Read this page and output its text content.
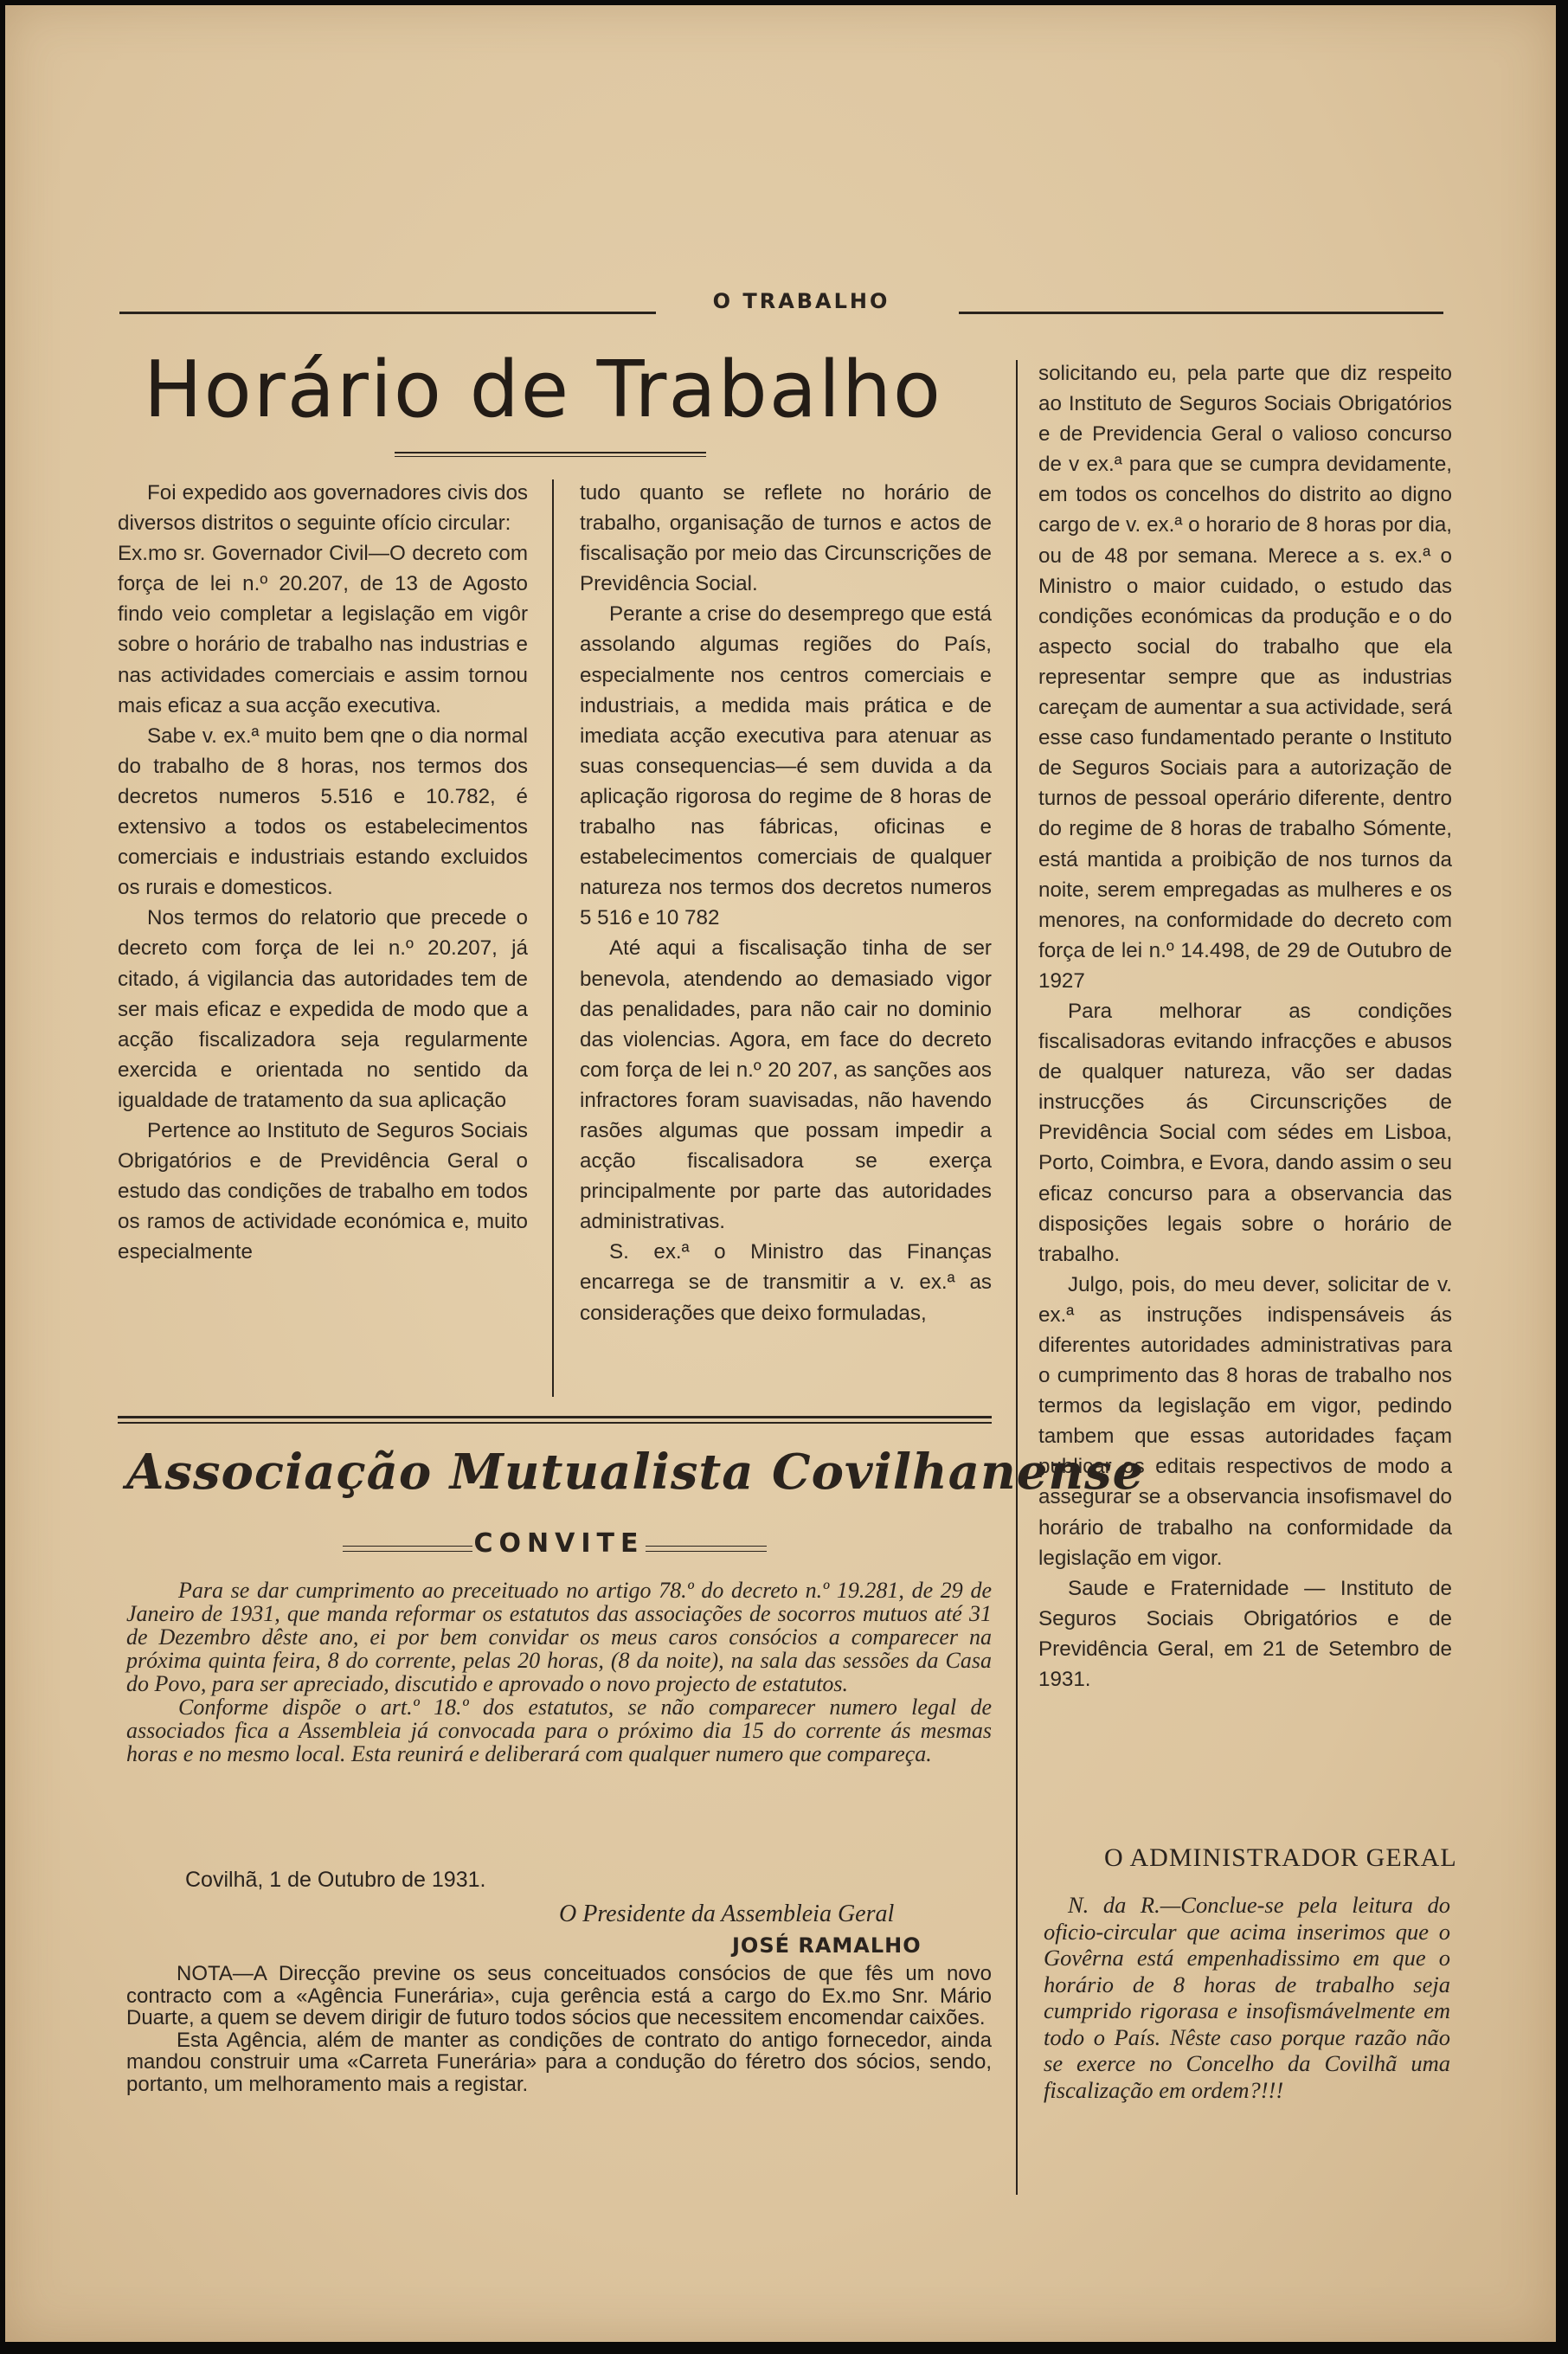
O TRABALHO
Horário de Trabalho

Foi expedido aos governadores civis dos diversos distritos o seguinte ofício circular:

Ex.mo sr. Governador Civil—O decreto com força de lei n.º 20.207, de 13 de Agosto findo veio completar a legislação em vigôr sobre o horário de trabalho nas industrias e nas actividades comerciais e assim tornou mais eficaz a sua acção executiva.

Sabe v. ex.ª muito bem qne o dia normal do trabalho de 8 horas, nos termos dos decretos numeros 5.516 e 10.782, é extensivo a todos os estabelecimentos comerciais e industriais estando excluidos os rurais e domesticos.

Nos termos do relatorio que precede o decreto com força de lei n.º 20.207, já citado, á vigilancia das autoridades tem de ser mais eficaz e expedida de modo que a acção fiscalizadora seja regularmente exercida e orientada no sentido da igualdade de tratamento da sua aplicação

Pertence ao Instituto de Seguros Sociais Obrigatórios e de Previdência Geral o estudo das condições de trabalho em todos os ramos de actividade económica e, muito especialmente

tudo quanto se reflete no horário de trabalho, organisação de turnos e actos de fiscalisação por meio das Circunscrições de Previdência Social.

Perante a crise do desemprego que está assolando algumas regiões do País, especialmente nos centros comerciais e industriais, a medida mais prática e de imediata acção executiva para atenuar as suas consequencias—é sem duvida a da aplicação rigorosa do regime de 8 horas de trabalho nas fábricas, oficinas e estabelecimentos comerciais de qualquer natureza nos termos dos decretos numeros 5 516 e 10 782

Até aqui a fiscalisação tinha de ser benevola, atendendo ao demasiado vigor das penalidades, para não cair no dominio das violencias. Agora, em face do decreto com força de lei n.º 20 207, as sanções aos infractores foram suavisadas, não havendo rasões algumas que possam impedir a acção fiscalisadora se exerça principalmente por parte das autoridades administrativas.

S. ex.ª o Ministro das Finanças encarrega se de transmitir a v. ex.ª as considerações que deixo formuladas,

solicitando eu, pela parte que diz respeito ao Instituto de Seguros Sociais Obrigatórios e de Previdencia Geral o valioso concurso de v ex.ª para que se cumpra devidamente, em todos os concelhos do distrito ao digno cargo de v. ex.ª o horario de 8 horas por dia, ou de 48 por semana. Merece a s. ex.ª o Ministro o maior cuidado, o estudo das condições económicas da produção e o do aspecto social do trabalho que ela representar sempre que as industrias careçam de aumentar a sua actividade, será esse caso fundamentado perante o Instituto de Seguros Sociais para a autorização de turnos de pessoal operário diferente, dentro do regime de 8 horas de trabalho Sómente, está mantida a proibição de nos turnos da noite, serem empregadas as mulheres e os menores, na conformidade do decreto com força de lei n.º 14.498, de 29 de Outubro de 1927

Para melhorar as condições fiscalisadoras evitando infracções e abusos de qualquer natureza, vão ser dadas instrucções ás Circunscrições de Previdência Social com sédes em Lisboa, Porto, Coimbra, e Evora, dando assim o seu eficaz concurso para a observancia das disposições legais sobre o horário de trabalho.

Julgo, pois, do meu dever, solicitar de v. ex.ª as instruções indispensáveis ás diferentes autoridades administrativas para o cumprimento das 8 horas de trabalho nos termos da legislação em vigor, pedindo tambem que essas autoridades façam publicar os editais respectivos de modo a assegurar se a observancia insofismavel do horário de trabalho na conformidade da legislação em vigor.

Saude e Fraternidade — Instituto de Seguros Sociais Obrigatórios e de Previdência Geral, em 21 de Setembro de 1931.

O ADMINISTRADOR GERAL

N. da R.—Conclue-se pela leitura do oficio-circular que acima inserimos que o Govêrna está empenhadissimo em que o horário de 8 horas de trabalho seja cumprido rigorasa e insofismávelmente em todo o País. Nêste caso porque razão não se exerce no Concelho da Covilhã uma fiscalização em ordem?!!!

Associação Mutualista Covilhanense
CONVITE

Para se dar cumprimento ao preceituado no artigo 78.º do decreto n.º 19.281, de 29 de Janeiro de 1931, que manda reformar os estatutos das associações de socorros mutuos até 31 de Dezembro dêste ano, ei por bem convidar os meus caros consócios a comparecer na próxima quinta feira, 8 do corrente, pelas 20 horas, (8 da noite), na sala das sessões da Casa do Povo, para ser apreciado, discutido e aprovado o novo projecto de estatutos.

Conforme dispõe o art.º 18.º dos estatutos, se não comparecer numero legal de associados fica a Assembleia já convocada para o próximo dia 15 do corrente ás mesmas horas e no mesmo local. Esta reunirá e deliberará com qualquer numero que compareça.

Covilhã, 1 de Outubro de 1931.
O Presidente da Assembleia Geral
JOSÉ RAMALHO

NOTA—A Direcção previne os seus conceituados consócios de que fês um novo contracto com a «Agência Funerária», cuja gerência está a cargo do Ex.mo Snr. Mário Duarte, a quem se devem dirigir de futuro todos sócios que necessitem encomendar caixões.

Esta Agência, além de manter as condições de contrato do antigo fornecedor, ainda mandou construir uma «Carreta Funerária» para a condução do féretro dos sócios, sendo, portanto, um melhoramento mais a registar.
